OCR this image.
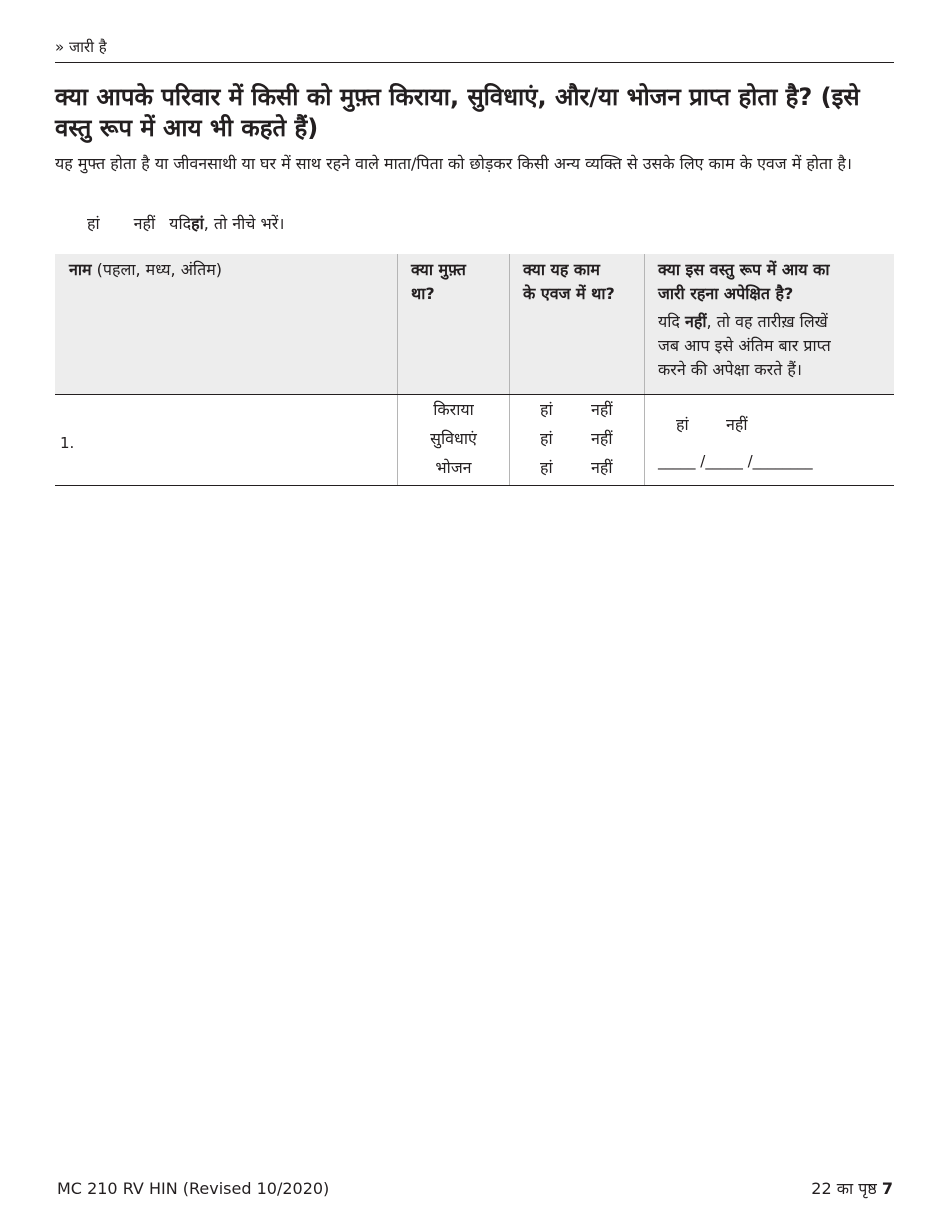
» जारी है
क्या आपके परिवार में किसी को मुफ़्त किराया, सुविधाएं, और/या भोजन प्राप्त होता है? (इसे वस्तु रूप में आय भी कहते हैं)

यह मुफ्त होता है या जीवनसाथी या घर में साथ रहने वाले माता/पिता को छोड़कर किसी अन्य व्यक्ति से उसके लिए काम के एवज में होता है।

हां नहीं यदिहां, तो नीचे भरें।
नाम (पहला, मध्य, अंतिम)	क्या मुफ़्त
था?
क्या यह काम
के एवज में था?
क्या इस वस्तु रूप में आय का
जारी रहना अपेक्षित है?
यदि नहीं, तो वह तारीख़ लिखें
जब आप इसे अंतिम बार प्राप्त
करने की अपेक्षा करते हैं।
1.
किराया
सुविधाएं
भोजन
हां
हां
हां
नहीं
नहीं
नहीं
हां नहीं
_____ /_____ /________
MC 210 RV HIN (Revised 10/2020)	22 का पृष्ठ 7
